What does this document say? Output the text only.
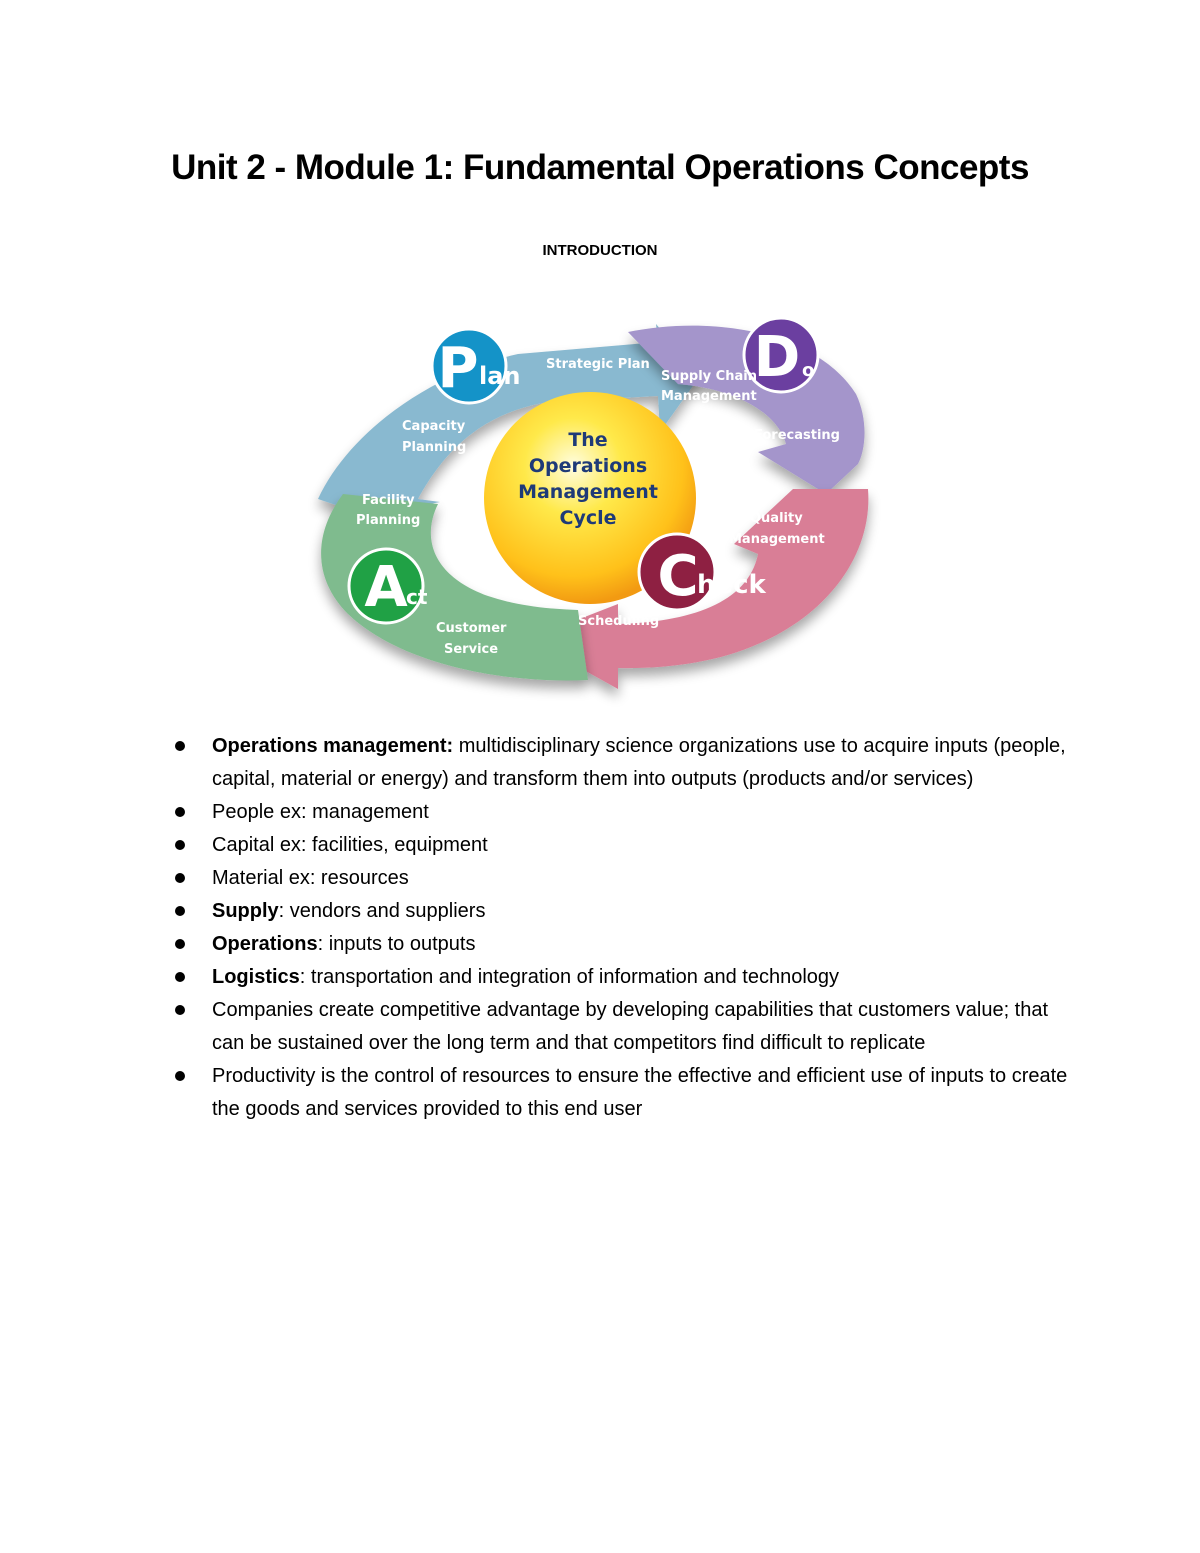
Unit 2 - Module 1: Fundamental Operations Concepts
INTRODUCTION
The
Operations
Management
Cycle
P lan	D o
C
heck
A
ct
Strategic Plan
Supply Chain
Management
Forecasting
Quality
Management
Scheduling
Customer
Service
Facility
Planning
Capacity
Planning
Operations management: multidisciplinary science organizations use to acquire inputs (people, capital, material or energy) and transform them into outputs (products and/or services)
People ex: management
Capital ex: facilities, equipment
Material ex: resources
Supply: vendors and suppliers
Operations: inputs to outputs
Logistics: transportation and integration of information and technology
Companies create competitive advantage by developing capabilities that customers value; that can be sustained over the long term and that competitors find difficult to replicate
Productivity is the control of resources to ensure the effective and efficient use of inputs to create the goods and services provided to this end user
